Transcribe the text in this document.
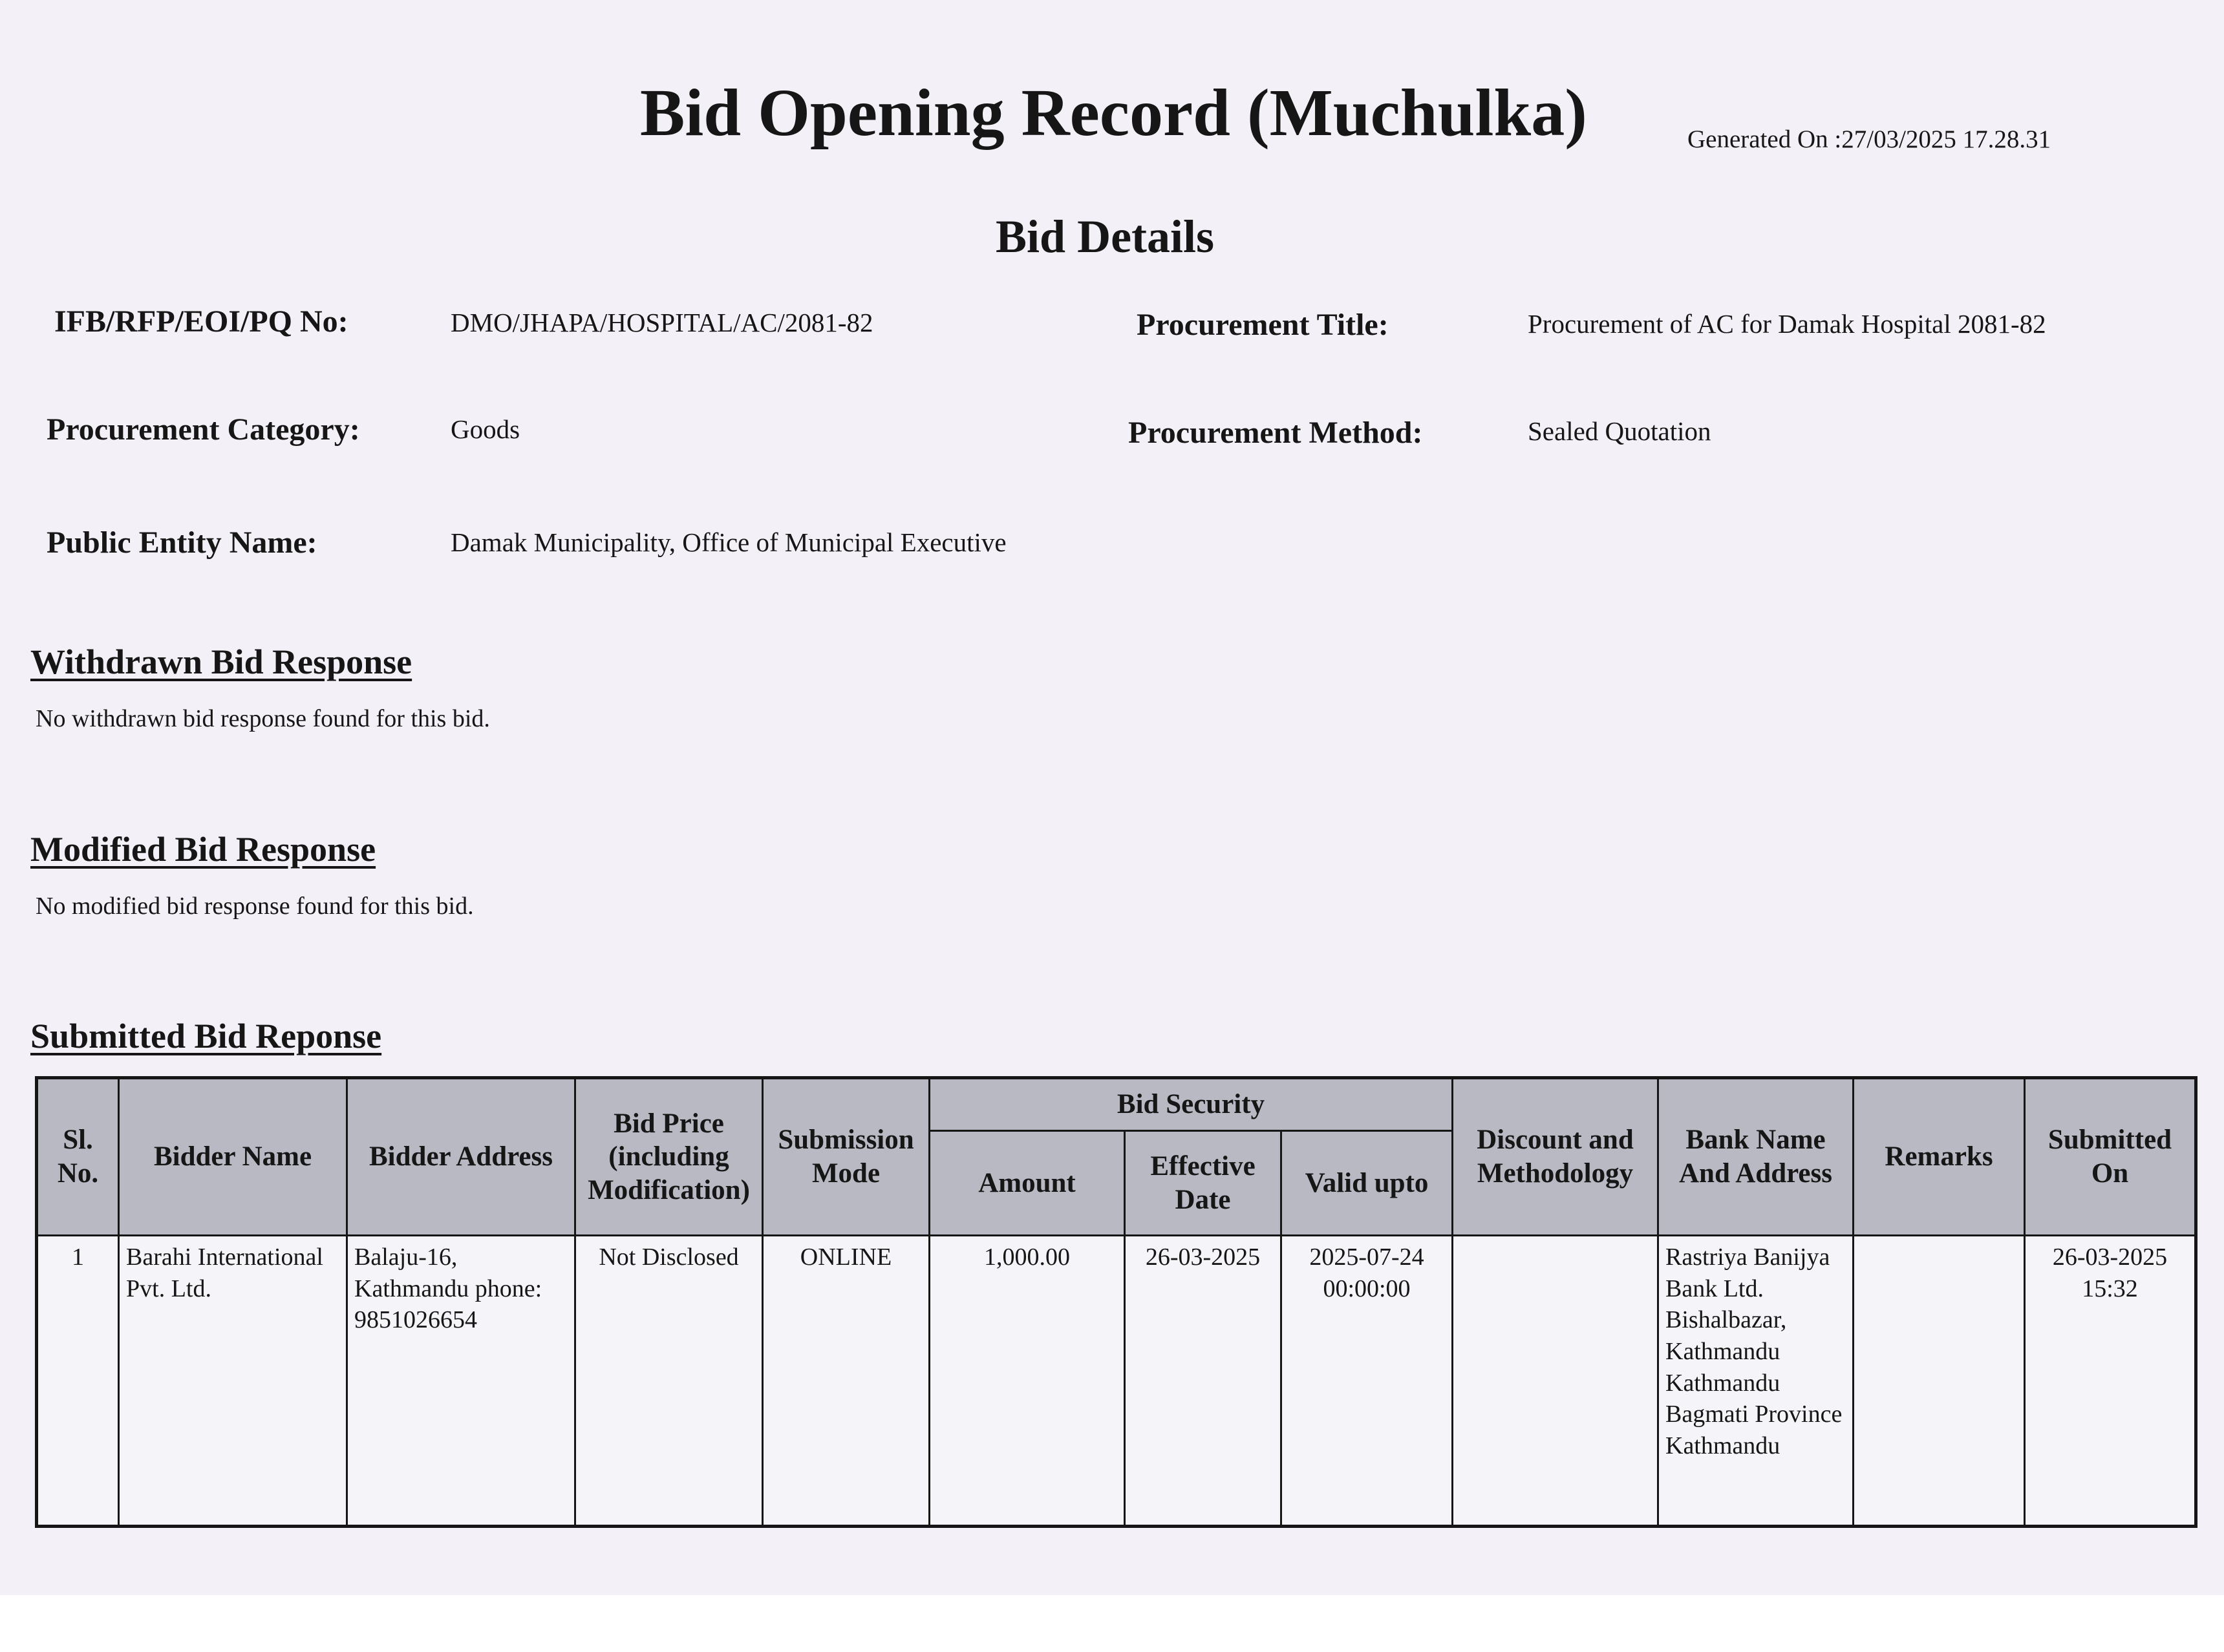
Bid Opening Record (Muchulka)	Generated On :27/03/2025 17.28.31
Bid Details
IFB/RFP/EOI/PQ No:	DMO/JHAPA/HOSPITAL/AC/2081-82	Procurement Title:	Procurement of AC for Damak Hospital 2081-82
Procurement Category:	Goods	Procurement Method:	Sealed Quotation
Public Entity Name:	Damak Municipality, Office of Municipal Executive
Withdrawn Bid Response
No withdrawn bid response found for this bid.
Modified Bid Response
No modified bid response found for this bid.
Submitted Bid Reponse
Sl. No.	Bidder Name	Bidder Address	Bid Price (including Modification)	Submission Mode	Bid Security			Discount and Methodology	Bank Name And Address	Remarks	Submitted On
					Amount	Effective Date	Valid upto				
1	Barahi International Pvt. Ltd.	Balaju-16, Kathmandu phone: 9851026654	Not Disclosed	ONLINE	1,000.00	26-03-2025	2025-07-24 00:00:00		Rastriya Banijya Bank Ltd. Bishalbazar, Kathmandu Kathmandu Bagmati Province Kathmandu		26-03-2025 15:32
